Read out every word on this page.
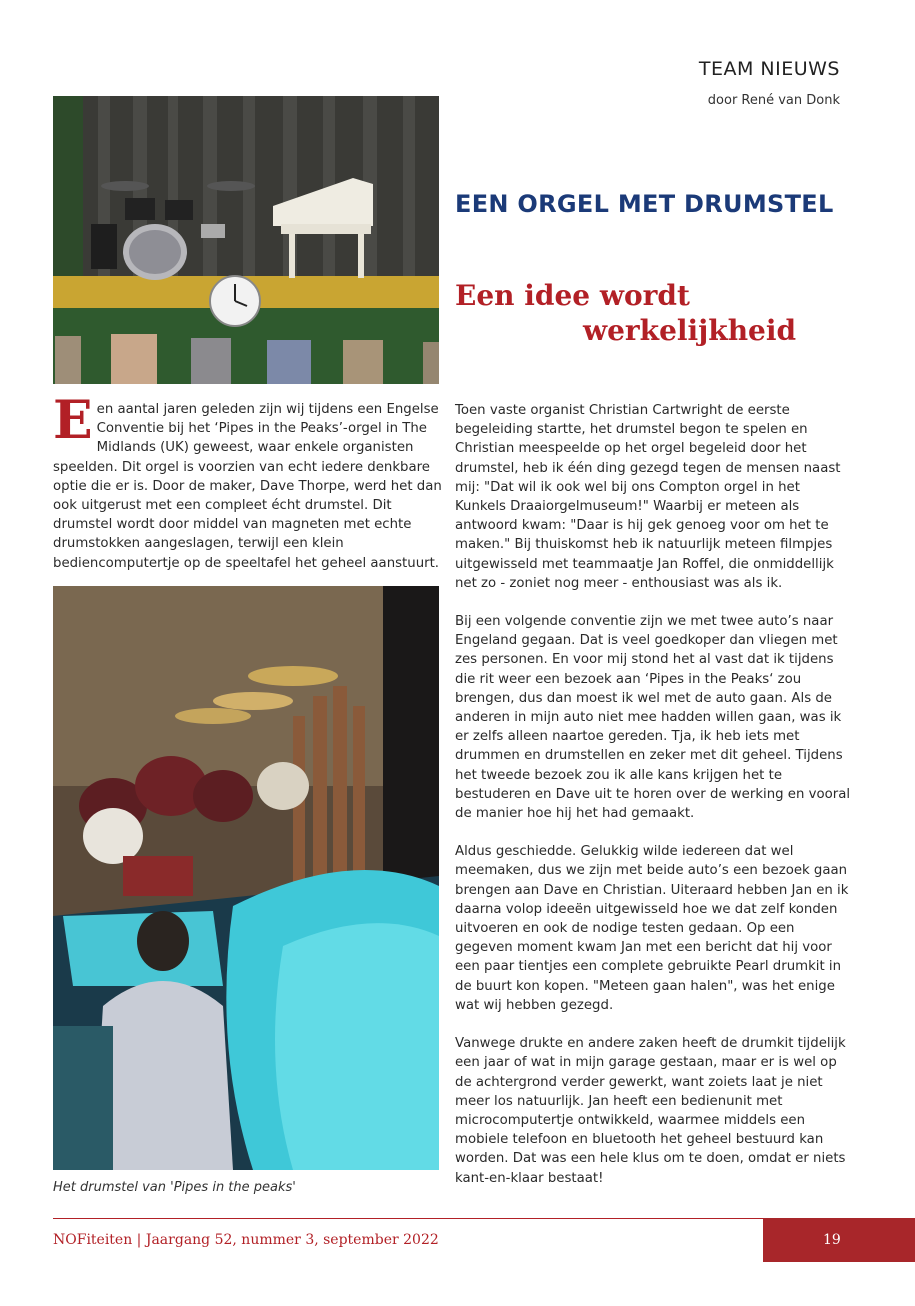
TEAM NIEUWS
door René van Donk
EEN ORGEL MET DRUMSTEL
Een idee wordt
werkelijkheid

Een aantal jaren geleden zijn wij tijdens een Engelse Conventie bij het ‘Pipes in the Peaks’-orgel in The Midlands (UK) geweest, waar enkele organisten speelden. Dit orgel is voorzien van echt iedere denkbare optie die er is. Door de maker, Dave Thorpe, werd het dan ook uitgerust met een compleet écht drumstel. Dit drumstel wordt door middel van magneten met echte drumstokken aangeslagen, terwijl een klein bediencomputertje op de speeltafel het geheel aanstuurt.

Het drumstel van 'Pipes in the peaks'

Toen vaste organist Christian Cartwright de eerste begeleiding startte, het drumstel begon te spelen en Christian meespeelde op het orgel begeleid door het drumstel, heb ik één ding gezegd tegen de mensen naast mij: "Dat wil ik ook wel bij ons Compton orgel in het Kunkels Draaiorgelmuseum!" Waarbij er meteen als antwoord kwam: "Daar is hij gek genoeg voor om het te maken." Bij thuiskomst heb ik natuurlijk meteen filmpjes uitgewisseld met teammaatje Jan Roffel, die onmiddellijk net zo - zoniet nog meer - enthousiast was als ik.

Bij een volgende conventie zijn we met twee auto’s naar Engeland gegaan. Dat is veel goedkoper dan vliegen met zes personen. En voor mij stond het al vast dat ik tijdens die rit weer een bezoek aan ‘Pipes in the Peaks‘ zou brengen, dus dan moest ik wel met de auto gaan. Als de anderen in mijn auto niet mee hadden willen gaan, was ik er zelfs alleen naartoe gereden. Tja, ik heb iets met drummen en drumstellen en zeker met dit geheel. Tijdens het tweede bezoek zou ik alle kans krijgen het te bestuderen en Dave uit te horen over de werking en vooral de manier hoe hij het had gemaakt.

Aldus geschiedde. Gelukkig wilde iedereen dat wel meemaken, dus we zijn met beide auto’s een bezoek gaan brengen aan Dave en Christian. Uiteraard hebben Jan en ik daarna volop ideeën uitgewisseld hoe we dat zelf konden uitvoeren en ook de nodige testen gedaan. Op een gegeven moment kwam Jan met een bericht dat hij voor een paar tientjes een complete gebruikte Pearl drumkit in de buurt kon kopen. "Meteen gaan halen", was het enige wat wij hebben gezegd.

Vanwege drukte en andere zaken heeft de drumkit tijdelijk een jaar of wat in mijn garage gestaan, maar er is wel op de achtergrond verder gewerkt, want zoiets laat je niet meer los natuurlijk. Jan heeft een bedienunit met microcomputertje ontwikkeld, waarmee middels een mobiele telefoon en bluetooth het geheel bestuurd kan worden. Dat was een hele klus om te doen, omdat er niets kant-en-klaar bestaat!

NOFiteiten | Jaargang 52, nummer 3, september 2022	19
